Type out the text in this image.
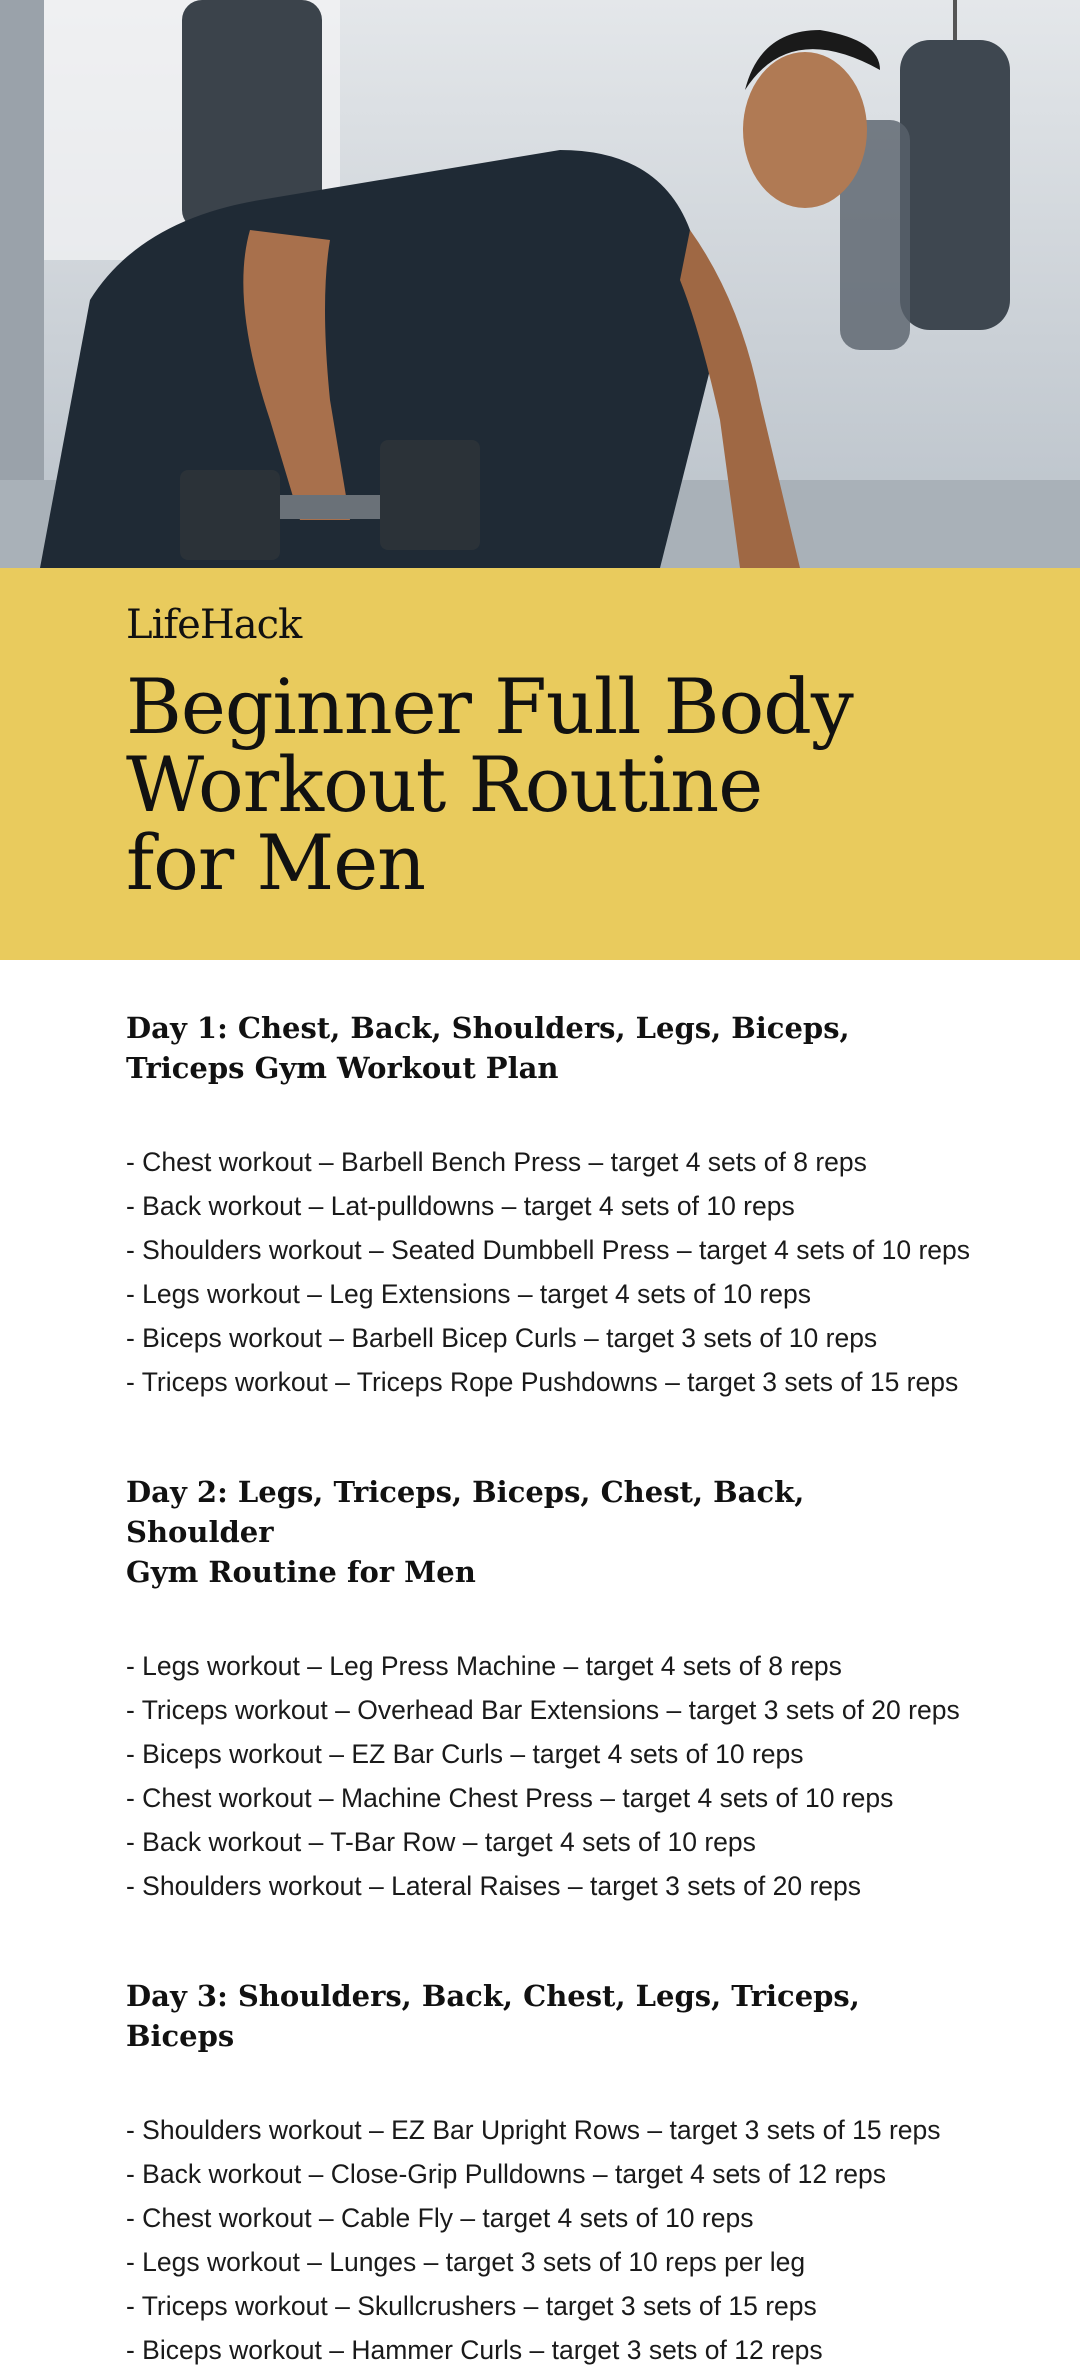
LifeHack
Beginner Full Body
Workout Routine
for Men
Day 1: Chest, Back, Shoulders, Legs, Biceps,
Triceps Gym Workout Plan
- Chest workout – Barbell Bench Press – target 4 sets of 8 reps
- Back workout – Lat-pulldowns – target 4 sets of 10 reps
- Shoulders workout – Seated Dumbbell Press – target 4 sets of 10 reps
- Legs workout – Leg Extensions – target 4 sets of 10 reps
- Biceps workout – Barbell Bicep Curls – target 3 sets of 10 reps
- Triceps workout – Triceps Rope Pushdowns – target 3 sets of 15 reps
Day 2: Legs, Triceps, Biceps, Chest, Back, Shoulder
Gym Routine for Men
- Legs workout – Leg Press Machine – target 4 sets of 8 reps
- Triceps workout – Overhead Bar Extensions – target 3 sets of 20 reps
- Biceps workout – EZ Bar Curls – target 4 sets of 10 reps
- Chest workout – Machine Chest Press – target 4 sets of 10 reps
- Back workout – T-Bar Row – target 4 sets of 10 reps
- Shoulders workout – Lateral Raises – target 3 sets of 20 reps
Day 3: Shoulders, Back, Chest, Legs, Triceps, Biceps
- Shoulders workout – EZ Bar Upright Rows – target 3 sets of 15 reps
- Back workout – Close-Grip Pulldowns – target 4 sets of 12 reps
- Chest workout – Cable Fly – target 4 sets of 10 reps
- Legs workout – Lunges – target 3 sets of 10 reps per leg
- Triceps workout – Skullcrushers – target 3 sets of 15 reps
- Biceps workout – Hammer Curls – target 3 sets of 12 reps
